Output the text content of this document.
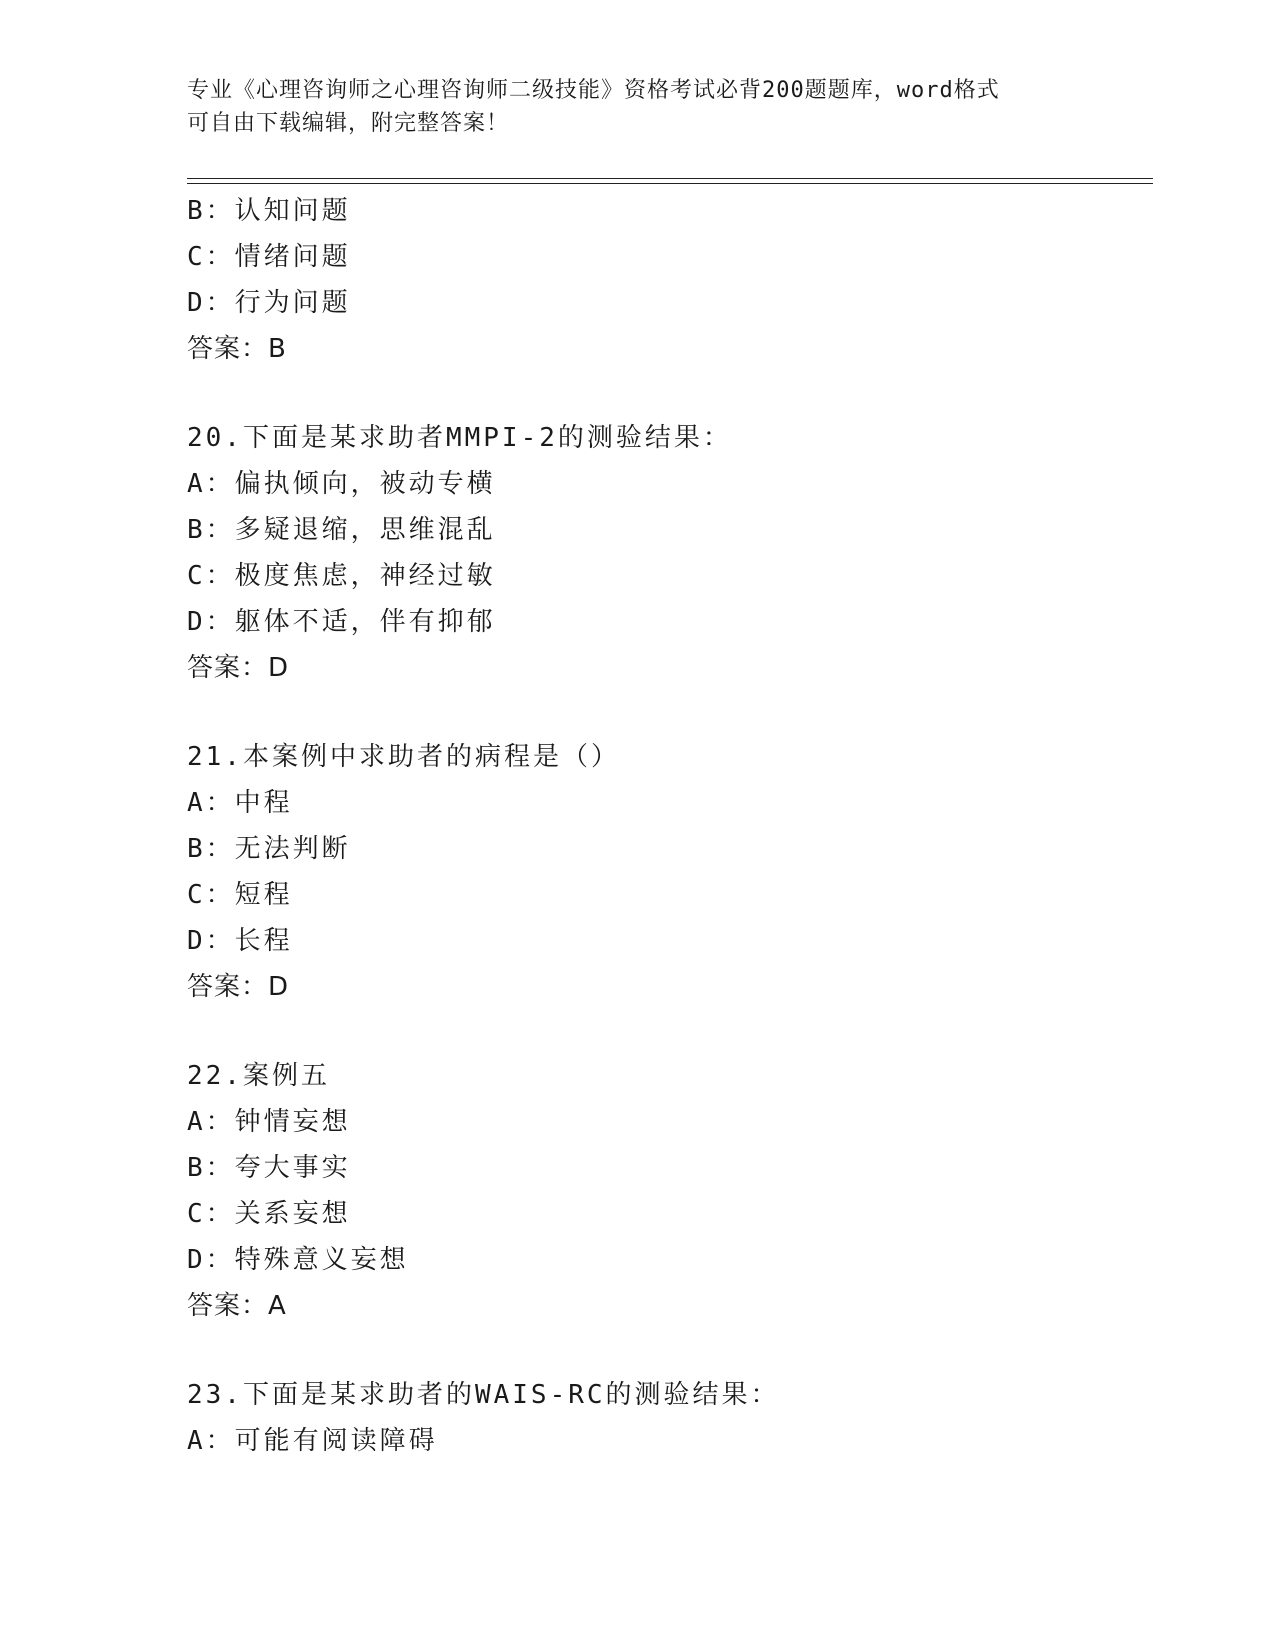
专业《心理咨询师之心理咨询师二级技能》资格考试必背200题题库，word格式
可自由下载编辑，附完整答案！
B：认知问题
C：情绪问题
D：行为问题
答案：B
20.下面是某求助者MMPI-2的测验结果：
A：偏执倾向，被动专横
B：多疑退缩，思维混乱
C：极度焦虑，神经过敏
D：躯体不适，伴有抑郁
答案：D
21.本案例中求助者的病程是（）
A：中程
B：无法判断
C：短程
D：长程
答案：D
22.案例五
A：钟情妄想
B：夸大事实
C：关系妄想
D：特殊意义妄想
答案：A
23.下面是某求助者的WAIS-RC的测验结果：
A：可能有阅读障碍
